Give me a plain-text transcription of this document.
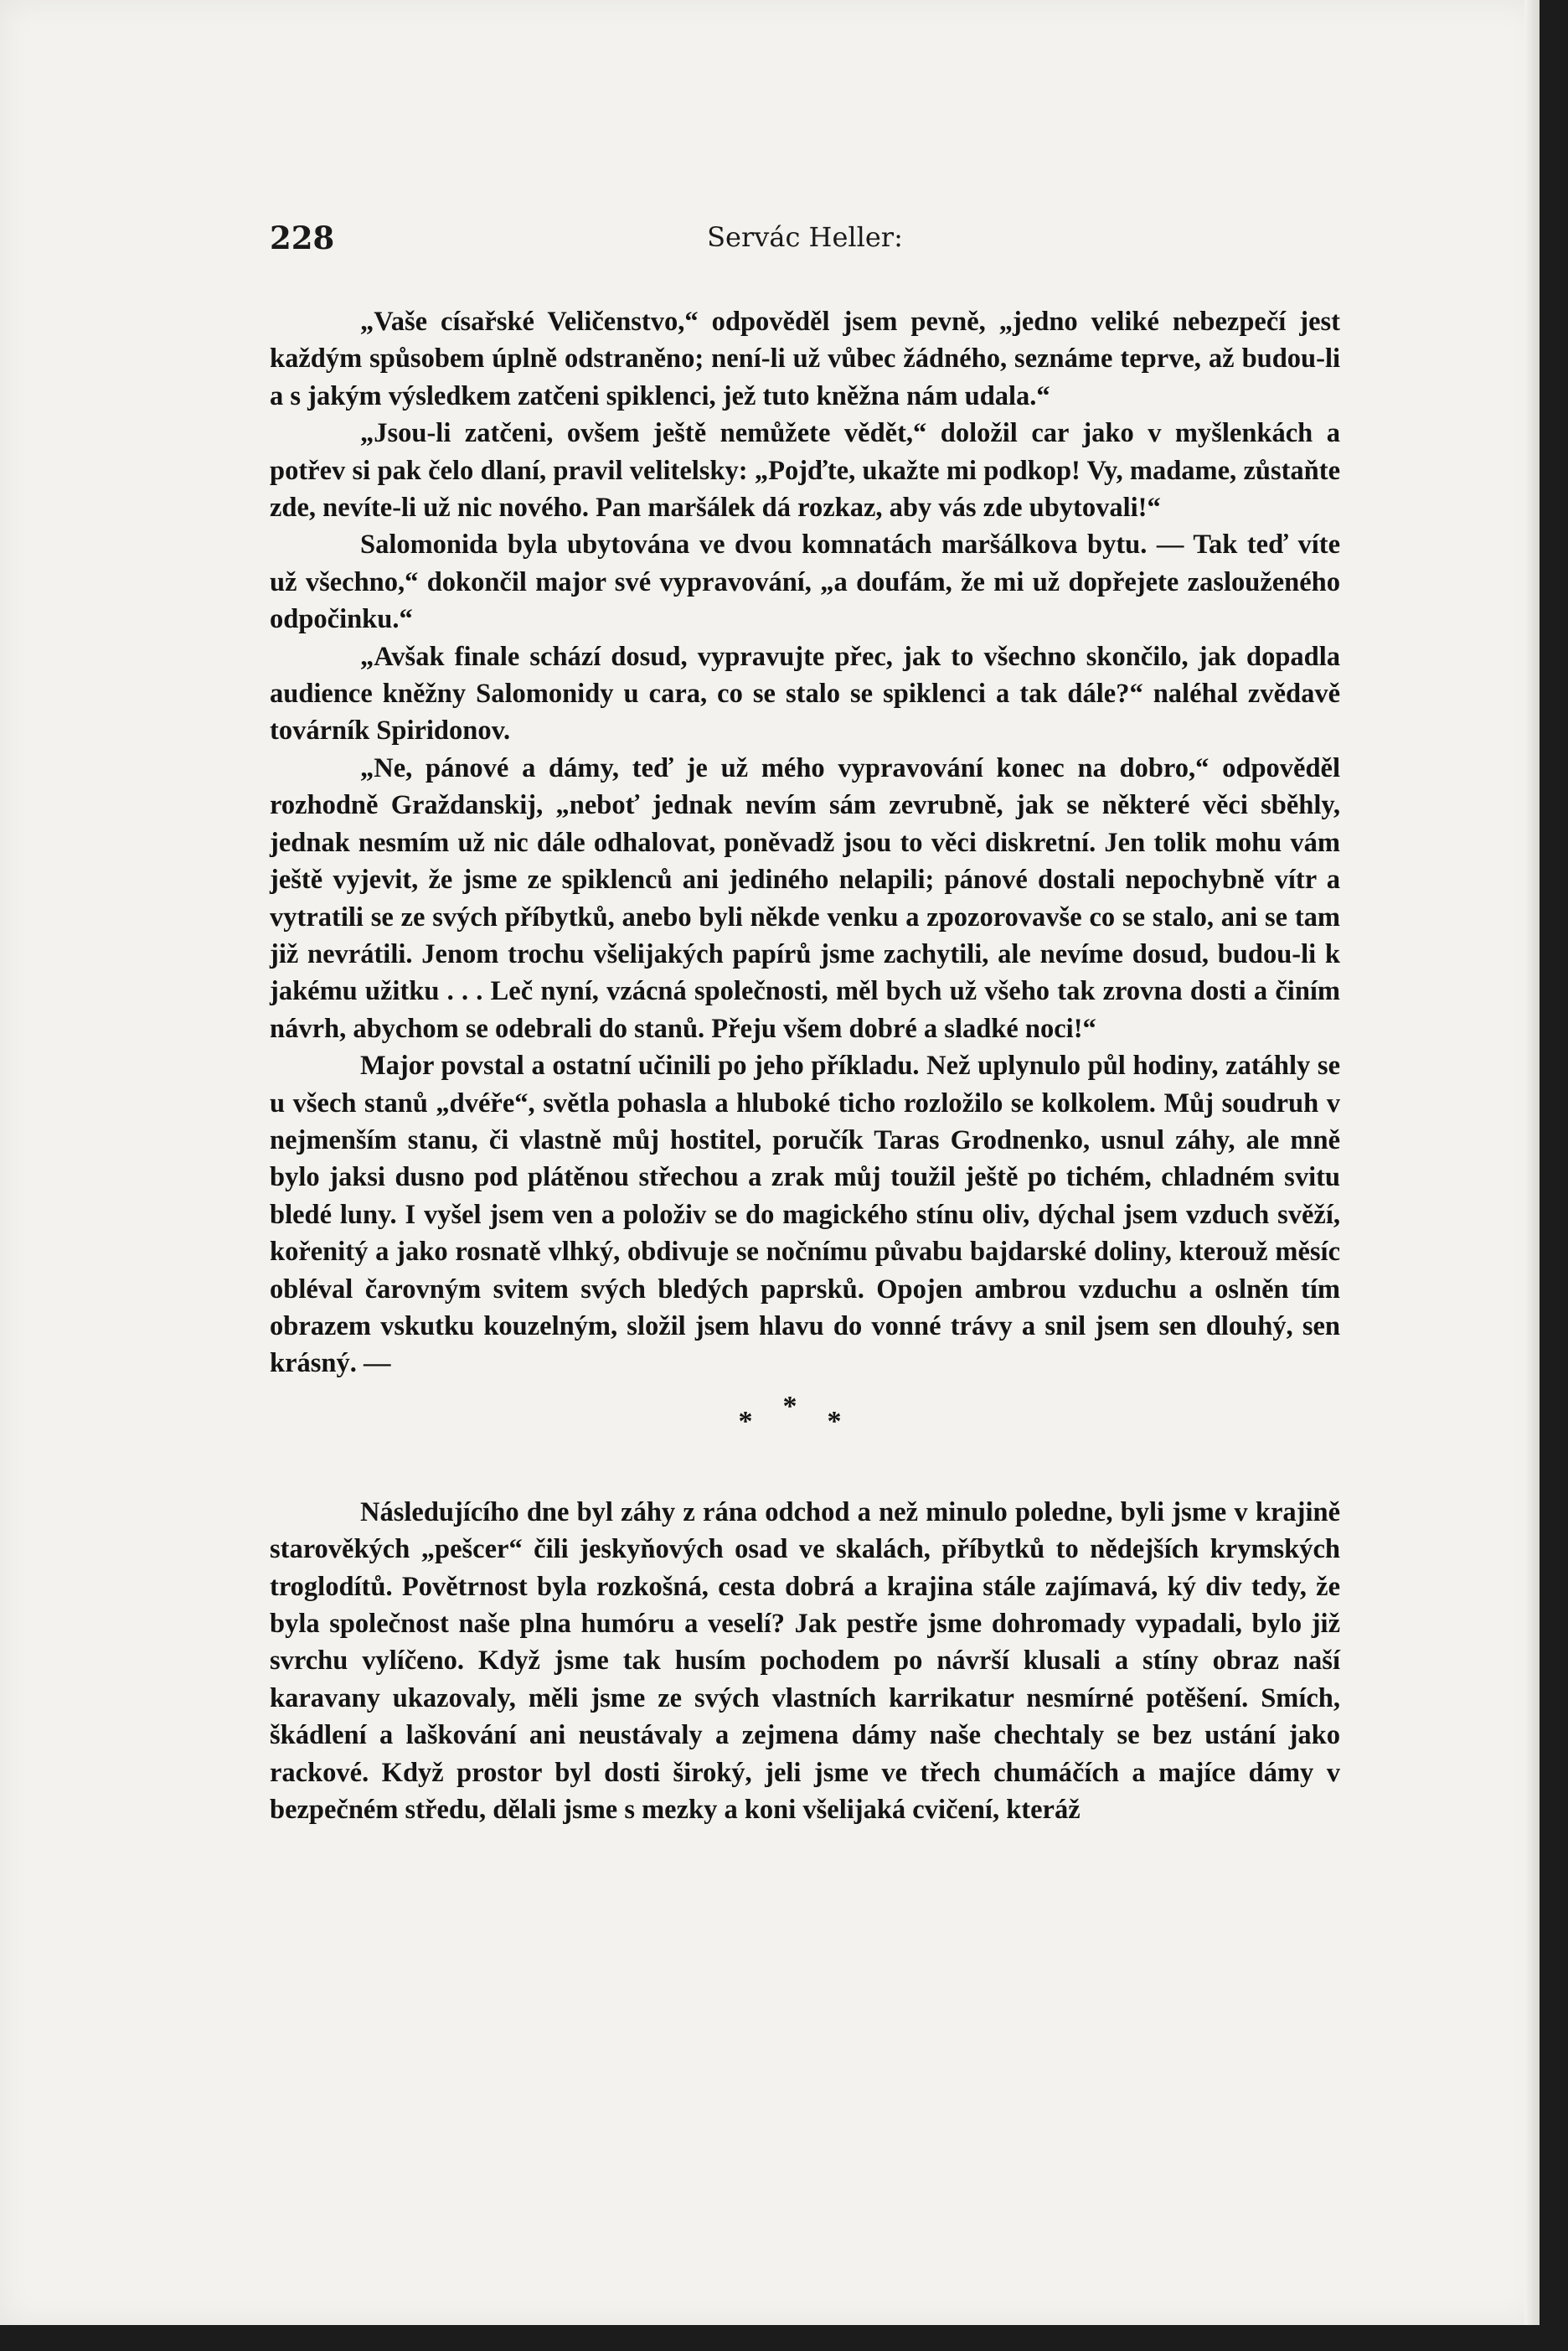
228	Servác Heller:

„Vaše císařské Veličenstvo,“ odpověděl jsem pevně, „jedno veliké nebezpečí jest každým spůsobem úplně odstraněno; není-li už vůbec žádného, seznáme teprve, až budou-li a s jakým výsledkem zatčeni spiklenci, jež tuto kněžna nám udala.“

„Jsou-li zatčeni, ovšem ještě nemůžete vědět,“ doložil car jako v myšlenkách a potřev si pak čelo dlaní, pravil velitelsky: „Pojďte, ukažte mi podkop! Vy, madame, zůstaňte zde, nevíte-li už nic nového. Pan maršálek dá rozkaz, aby vás zde ubytovali!“

Salomonida byla ubytována ve dvou komnatách maršálkova bytu. — Tak teď víte už všechno,“ dokončil major své vypravování, „a doufám, že mi už dopřejete zaslouženého odpočinku.“

„Avšak finale schází dosud, vypravujte přec, jak to všechno skončilo, jak dopadla audience kněžny Salomonidy u cara, co se stalo se spiklenci a tak dále?“ naléhal zvědavě továrník Spiridonov.

„Ne, pánové a dámy, teď je už mého vypravování konec na dobro,“ odpověděl rozhodně Graždanskij, „neboť jednak nevím sám zevrubně, jak se některé věci sběhly, jednak nesmím už nic dále odhalovat, poněvadž jsou to věci diskretní. Jen tolik mohu vám ještě vyjevit, že jsme ze spiklenců ani jediného nelapili; pánové dostali nepochybně vítr a vytratili se ze svých příbytků, anebo byli někde venku a zpozorovavše co se stalo, ani se tam již nevrátili. Jenom trochu všelijakých papírů jsme zachytili, ale nevíme dosud, budou-li k jakému užitku . . . Leč nyní, vzácná společnosti, měl bych už všeho tak zrovna dosti a činím návrh, abychom se odebrali do stanů. Přeju všem dobré a sladké noci!“

Major povstal a ostatní učinili po jeho příkladu. Než uplynulo půl hodiny, zatáhly se u všech stanů „dvéře“, světla pohasla a hluboké ticho rozložilo se kolkolem. Můj soudruh v nejmenším stanu, či vlastně můj hostitel, poručík Taras Grodnenko, usnul záhy, ale mně bylo jaksi dusno pod plátěnou střechou a zrak můj toužil ještě po tichém, chladném svitu bledé luny. I vyšel jsem ven a položiv se do magického stínu oliv, dýchal jsem vzduch svěží, kořenitý a jako rosnatě vlhký, obdivuje se nočnímu půvabu bajdarské doliny, kterouž měsíc obléval čarovným svitem svých bledých paprsků. Opojen ambrou vzduchu a oslněn tím obrazem vskutku kouzelným, složil jsem hlavu do vonné trávy a snil jsem sen dlouhý, sen krásný. —

***

Následujícího dne byl záhy z rána odchod a než minulo poledne, byli jsme v krajině starověkých „pešcer“ čili jeskyňových osad ve skalách, příbytků to nědejších krymských troglodítů. Povětrnost byla rozkošná, cesta dobrá a krajina stále zajímavá, ký div tedy, že byla společnost naše plna humóru a veselí? Jak pestře jsme dohromady vypadali, bylo již svrchu vylíčeno. Když jsme tak husím pochodem po návrší klusali a stíny obraz naší karavany ukazovaly, měli jsme ze svých vlastních karrikatur nesmírné potěšení. Smích, škádlení a laškování ani neustávaly a zejmena dámy naše chechtaly se bez ustání jako rackové. Když prostor byl dosti široký, jeli jsme ve třech chumáčích a majíce dámy v bezpečném středu, dělali jsme s mezky a koni všelijaká cvičení, kteráž
